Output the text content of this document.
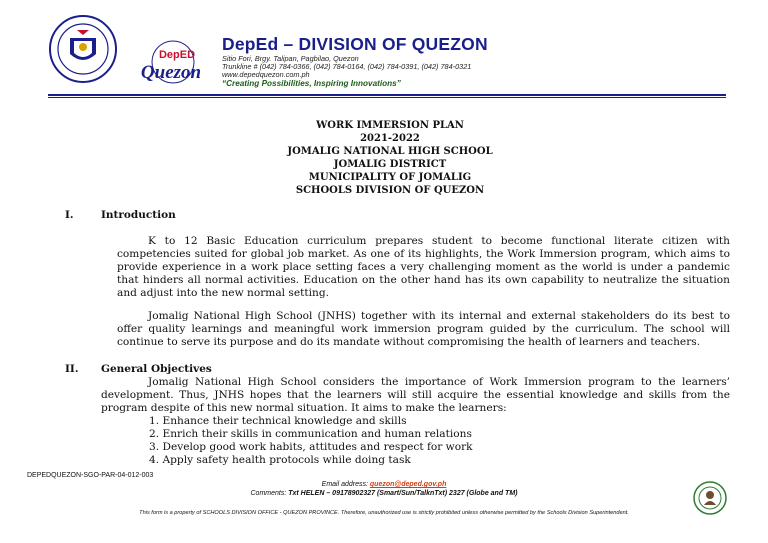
DepED
Quezon
DepEd – DIVISION OF QUEZON
Sitio Fori, Brgy. Talipan, Pagbilao, Quezon
Trunkline # (042) 784-0366, (042) 784-0164, (042) 784-0391, (042) 784-0321
www.depedquezon.com.ph
“Creating Possibilities, Inspiring Innovations”
WORK IMMERSION PLAN
2021-2022
JOMALIG NATIONAL HIGH SCHOOL
JOMALIG DISTRICT
MUNICIPALITY OF JOMALIG
SCHOOLS DIVISION OF QUEZON
I.	Introduction
K to 12 Basic Education curriculum prepares student to become functional literate citizen with competencies suited for global job market. As one of its highlights, the Work Immersion program, which aims to provide experience in a work place setting faces a very challenging moment as the world is under a pandemic that hinders all normal activities. Education on the other hand has its own capability to neutralize the situation and adjust into the new normal setting.
Jomalig National High School (JNHS) together with its internal and external stakeholders do its best to offer quality learnings and meaningful work immersion program guided by the curriculum. The school will continue to serve its purpose and do its mandate without compromising the health of learners and teachers.
II. General Objectives
Jomalig National High School considers the importance of Work Immersion program to the learners’ development. Thus, JNHS hopes that the learners will still acquire the essential knowledge and skills from the program despite of this new normal situation. It aims to make the learners:
1. Enhance their technical knowledge and skills
2. Enrich their skills in communication and human relations
3. Develop good work habits, attitudes and respect for work
4. Apply safety health protocols while doing task
DEPEDQUEZON-SGO-PAR-04-012-003
Email address: quezon@deped.gov.ph
Comments: Txt HELEN – 09178902327 (Smart/Sun/TalknTxt) 2327 (Globe and TM)
This form is a property of SCHOOLS DIVISION OFFICE - QUEZON PROVINCE. Therefore, unauthorized use is strictly prohibited unless otherwise permitted by the Schools Division Superintendent.
